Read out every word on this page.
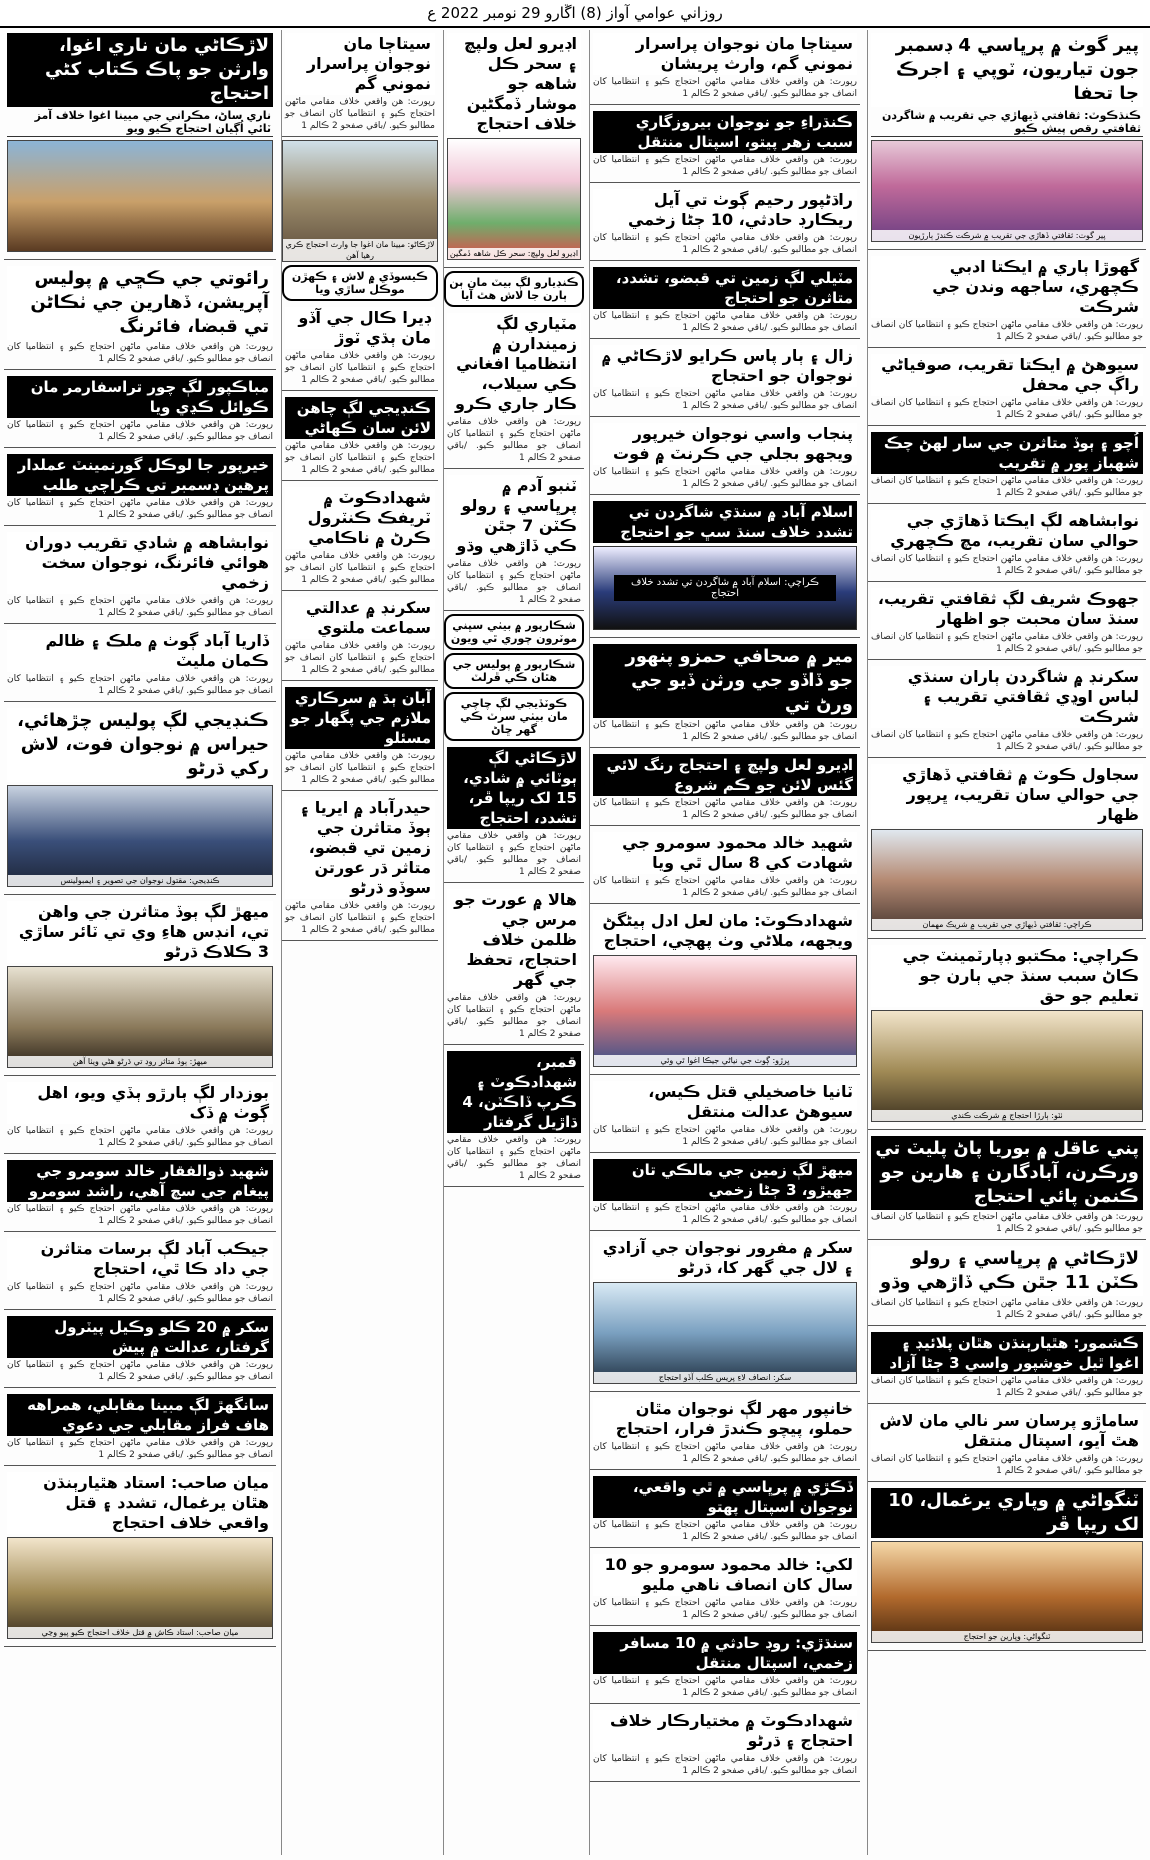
روزاني عوامي آواز (8) اڱارو 29 نومبر 2022 ع
پير گوٺ ۾ پرڀاسي 4 ڊسمبر جون تياريون، ٽوپي ۽ اجرڪ جا تحفا
ڪنڌڪوٽ: ثقافتي ڏيهاڙي جي تقريب ۾ شاگردن ثقافتي رقص پيش ڪيو
پير گوٺ: ثقافتي ڏهاڙي جي تقريب ۾ شرڪت ڪندڙ ٻارڙيون
گهوڙا ٻاري ۾ ايڪتا ادبي ڪچهري، ساجهه وندن جي شرڪت
رپورٽ: هن واقعي خلاف مقامي ماڻهن احتجاج ڪيو ۽ انتظاميا کان انصاف جو مطالبو ڪيو. /باقي صفحو 2 ڪالم 1
سيوهڻ ۾ ايڪتا تقريب، صوفياڻي راڳ جي محفل
رپورٽ: هن واقعي خلاف مقامي ماڻهن احتجاج ڪيو ۽ انتظاميا کان انصاف جو مطالبو ڪيو. /باقي صفحو 2 ڪالم 1
اُچو ۽ ٻوڏ متاثرن جي سار لهڻ چڪ شهباز پور ۾ تقريب
رپورٽ: هن واقعي خلاف مقامي ماڻهن احتجاج ڪيو ۽ انتظاميا کان انصاف جو مطالبو ڪيو. /باقي صفحو 2 ڪالم 1
نوابشاهه لڳ ايڪتا ڏهاڙي جي حوالي سان تقريب، مچ ڪچهري
رپورٽ: هن واقعي خلاف مقامي ماڻهن احتجاج ڪيو ۽ انتظاميا کان انصاف جو مطالبو ڪيو. /باقي صفحو 2 ڪالم 1
جهوڪ شريف لڳ ثقافتي تقريب، سنڌ سان محبت جو اظهار
رپورٽ: هن واقعي خلاف مقامي ماڻهن احتجاج ڪيو ۽ انتظاميا کان انصاف جو مطالبو ڪيو. /باقي صفحو 2 ڪالم 1
سکرنڊ ۾ شاگردن ٻاران سنڌي لباس اوڍي ثقافتي تقريب ۽ شرڪت
رپورٽ: هن واقعي خلاف مقامي ماڻهن احتجاج ڪيو ۽ انتظاميا کان انصاف جو مطالبو ڪيو. /باقي صفحو 2 ڪالم 1
سجاول ڪوٽ ۾ ثقافتي ڏهاڙي جي حوالي سان تقريب، ڀرپور ظهار
ڪراچي: ثقافتي ڏيهاڙي جي تقريب ۾ شريڪ مهمان
ڪراچي: مڪتبو ڊپارٽمينٽ جي ڪاڻ سبب سنڌ جي ٻارن جو تعليم جو حق
ٺٽو: ٻارڙا احتجاج ۾ شرڪت ڪندي
پني عاقل ۾ بوريا پاڻ پليٽ تي ورڪرن، آبادگارن ۽ هارين جو ڪنمن پائي احتجاج
رپورٽ: هن واقعي خلاف مقامي ماڻهن احتجاج ڪيو ۽ انتظاميا کان انصاف جو مطالبو ڪيو. /باقي صفحو 2 ڪالم 1
لاڙڪاڻي ۾ پرڀاسي ۽ رولو ڪٽن 11 جٿن ڪي ڏاڙهي وڌو
رپورٽ: هن واقعي خلاف مقامي ماڻهن احتجاج ڪيو ۽ انتظاميا کان انصاف جو مطالبو ڪيو. /باقي صفحو 2 ڪالم 1
ڪشمور: هٿيارٻنڌن هٿان پلائيڊ ۽ اغوا ٿيل خوشپور واسي 3 ڄڻا آزاد
رپورٽ: هن واقعي خلاف مقامي ماڻهن احتجاج ڪيو ۽ انتظاميا کان انصاف جو مطالبو ڪيو. /باقي صفحو 2 ڪالم 1
ساماڙو پرسان سر نالي مان لاش هٿ آيو، اسپتال منتقل
رپورٽ: هن واقعي خلاف مقامي ماڻهن احتجاج ڪيو ۽ انتظاميا کان انصاف جو مطالبو ڪيو. /باقي صفحو 2 ڪالم 1
ٽنگواڻي ۾ وپاري يرغمال، 10 لک ريپا ڦر
ٽنگواڻي: وپارين جو احتجاج
سيتاڄا مان نوجوان پراسرار نموني گم، وارث پريشان
رپورٽ: هن واقعي خلاف مقامي ماڻهن احتجاج ڪيو ۽ انتظاميا کان انصاف جو مطالبو ڪيو. /باقي صفحو 2 ڪالم 1
ڪنڌراءِ جو نوجوان بيروزگاري سبب زهر پيتو، اسپتال منتقل
رپورٽ: هن واقعي خلاف مقامي ماڻهن احتجاج ڪيو ۽ انتظاميا کان انصاف جو مطالبو ڪيو. /باقي صفحو 2 ڪالم 1
راڌڻپور رحيم ڳوٺ تي آيل ريڪارڊ حادثي، 10 ڄڻا زخمي
رپورٽ: هن واقعي خلاف مقامي ماڻهن احتجاج ڪيو ۽ انتظاميا کان انصاف جو مطالبو ڪيو. /باقي صفحو 2 ڪالم 1
مٽيلي لڳ زمين تي قبضو، تشدد، متاثرن جو احتجاج
رپورٽ: هن واقعي خلاف مقامي ماڻهن احتجاج ڪيو ۽ انتظاميا کان انصاف جو مطالبو ڪيو. /باقي صفحو 2 ڪالم 1
زال ۽ ٻار پاس ڪرايو لاڙڪاڻي ۾ نوجوان جو احتجاج
رپورٽ: هن واقعي خلاف مقامي ماڻهن احتجاج ڪيو ۽ انتظاميا کان انصاف جو مطالبو ڪيو. /باقي صفحو 2 ڪالم 1
پنجاب واسي نوجوان خيرپور ويجهو بجلي جي ڪرنٽ ۾ فوت
رپورٽ: هن واقعي خلاف مقامي ماڻهن احتجاج ڪيو ۽ انتظاميا کان انصاف جو مطالبو ڪيو. /باقي صفحو 2 ڪالم 1
اسلام آباد ۾ سنڌي شاگردن تي تشدد خلاف سنڌ سڀ جو احتجاج
ڪراچي: اسلام آباد ۾ شاگردن تي تشدد خلاف احتجاج
مير ۾ صحافي حمزو پنهور جو ڏاڏو جي ورثن ڏيو جي ورڻ تي
رپورٽ: هن واقعي خلاف مقامي ماڻهن احتجاج ڪيو ۽ انتظاميا کان انصاف جو مطالبو ڪيو. /باقي صفحو 2 ڪالم 1
اڊيرو لعل ولپچ ۽ احتجاج رنگ لائي گئس لائن جو ڪم شروع
رپورٽ: هن واقعي خلاف مقامي ماڻهن احتجاج ڪيو ۽ انتظاميا کان انصاف جو مطالبو ڪيو. /باقي صفحو 2 ڪالم 1
شهيد خالد محمود سومرو جي شهادت کي 8 سال ٿي ويا
رپورٽ: هن واقعي خلاف مقامي ماڻهن احتجاج ڪيو ۽ انتظاميا کان انصاف جو مطالبو ڪيو. /باقي صفحو 2 ڪالم 1
شهدادڪوٽ: مان لعل ادل ٻيڻگڻ ويجهه، ملاڻي وٺ پهچي، احتجاج
ڀرڙو: ڳوٺ جي نياڻي جيڪا اغوا ٿي وئي
ٽانيا خاصخيلي قتل ڪيس، سيوهڻ عدالت منتقل
رپورٽ: هن واقعي خلاف مقامي ماڻهن احتجاج ڪيو ۽ انتظاميا کان انصاف جو مطالبو ڪيو. /باقي صفحو 2 ڪالم 1
ميهڙ لڳ زمين جي مالڪي تان جهيڙو، 3 ڄڻا زخمي
رپورٽ: هن واقعي خلاف مقامي ماڻهن احتجاج ڪيو ۽ انتظاميا کان انصاف جو مطالبو ڪيو. /باقي صفحو 2 ڪالم 1
سکر ۾ مفرور نوجوان جي آزادي ۽ لال جي گهر کا، ڌرڻو
سکر: انصاف لاءِ پريس ڪلب آڏو احتجاج
خانپور مهر لڳ نوجوان مٿان حملو، پيچو ڪندڙ فرار، احتجاج
رپورٽ: هن واقعي خلاف مقامي ماڻهن احتجاج ڪيو ۽ انتظاميا کان انصاف جو مطالبو ڪيو. /باقي صفحو 2 ڪالم 1
ڏڪڙي ۾ پرڀاسي ۾ ٿي واقعي، نوجوان اسپتال پهتو
رپورٽ: هن واقعي خلاف مقامي ماڻهن احتجاج ڪيو ۽ انتظاميا کان انصاف جو مطالبو ڪيو. /باقي صفحو 2 ڪالم 1
لکي: خالد محمود سومرو جو 10 سال کان انصاف ناهي مليو
رپورٽ: هن واقعي خلاف مقامي ماڻهن احتجاج ڪيو ۽ انتظاميا کان انصاف جو مطالبو ڪيو. /باقي صفحو 2 ڪالم 1
سنڌڙي: روڊ حادثي ۾ 10 مسافر زخمي، اسپتال منتقل
رپورٽ: هن واقعي خلاف مقامي ماڻهن احتجاج ڪيو ۽ انتظاميا کان انصاف جو مطالبو ڪيو. /باقي صفحو 2 ڪالم 1
شهدادڪوٽ ۾ مختيارڪار خلاف احتجاج ۽ ڌرڻو
رپورٽ: هن واقعي خلاف مقامي ماڻهن احتجاج ڪيو ۽ انتظاميا کان انصاف جو مطالبو ڪيو. /باقي صفحو 2 ڪالم 1
اڊيرو لعل ولپچ ۽ سحر ڪل شاهه جو موشار ڏمگڻين خلاف احتجاج
اڊيرو لعل ولپچ: سحر ڪل شاهه ڏمگين
ڪنڊيارو لڳ بيٽ مان ٻن ٻارن جا لاش هٿ آيا
مٽياري لڳ زميندارن ۾ انتظاميا افغاني ڪي سيلاب، ڪار جاري ڪرو
رپورٽ: هن واقعي خلاف مقامي ماڻهن احتجاج ڪيو ۽ انتظاميا کان انصاف جو مطالبو ڪيو. /باقي صفحو 2 ڪالم 1
ٽنبو آدم ۾ پرڀاسي ۽ رولو ڪٽن 7 جٿن ڪي ڏاڙهي وڌو
رپورٽ: هن واقعي خلاف مقامي ماڻهن احتجاج ڪيو ۽ انتظاميا کان انصاف جو مطالبو ڪيو. /باقي صفحو 2 ڪالم 1
شڪارپور ۾ بيٺي سڀني موٽرون چوري ٿي ويون
شڪارپور ۾ پوليس جي هٿان ڪي ڦرلٽ
ڪوٽڏيجي لڳ چاچي مان بيٺي سرٽ ڪي گهر ڇاڻ
لاڙڪاڻي لڳ ٻوٽائي ۾ شادي، 15 لک ريپا ڦر، تشدد، احتجاج
رپورٽ: هن واقعي خلاف مقامي ماڻهن احتجاج ڪيو ۽ انتظاميا کان انصاف جو مطالبو ڪيو. /باقي صفحو 2 ڪالم 1
هالا ۾ عورت جو مرس جي ظلمن خلاف احتجاج، تحفظ جي گهر
رپورٽ: هن واقعي خلاف مقامي ماڻهن احتجاج ڪيو ۽ انتظاميا کان انصاف جو مطالبو ڪيو. /باقي صفحو 2 ڪالم 1
قمبر، شهدادڪوٽ ۽ ڪرپ ڏاڪٽن، 4 ڌاڙيل گرفتار
رپورٽ: هن واقعي خلاف مقامي ماڻهن احتجاج ڪيو ۽ انتظاميا کان انصاف جو مطالبو ڪيو. /باقي صفحو 2 ڪالم 1
سيتاڄا مان نوجوان پراسرار نموني گم
رپورٽ: هن واقعي خلاف مقامي ماڻهن احتجاج ڪيو ۽ انتظاميا کان انصاف جو مطالبو ڪيو. /باقي صفحو 2 ڪالم 1
لاڙڪاڻو: ميينا مان اغوا جا وارث احتجاج ڪري رهيا آهن
ڪيسوڏي ۾ لاش ۽ ڪهڙن موڪل ساڙي ويا
ڊيرا ڪال جي آڏو مان ٻڌي ٽوڙ
رپورٽ: هن واقعي خلاف مقامي ماڻهن احتجاج ڪيو ۽ انتظاميا کان انصاف جو مطالبو ڪيو. /باقي صفحو 2 ڪالم 1
ڪنڊيجي لڳ چاهن لائن سان ڪهاڻي
رپورٽ: هن واقعي خلاف مقامي ماڻهن احتجاج ڪيو ۽ انتظاميا کان انصاف جو مطالبو ڪيو. /باقي صفحو 2 ڪالم 1
شهدادڪوٽ ۾ ٽريفڪ ڪنٽرول ڪرڻ ۾ ناڪامي
رپورٽ: هن واقعي خلاف مقامي ماڻهن احتجاج ڪيو ۽ انتظاميا کان انصاف جو مطالبو ڪيو. /باقي صفحو 2 ڪالم 1
سکرنڊ ۾ عدالتي سماعت ملتوي
رپورٽ: هن واقعي خلاف مقامي ماڻهن احتجاج ڪيو ۽ انتظاميا کان انصاف جو مطالبو ڪيو. /باقي صفحو 2 ڪالم 1
آبان ٻڌ ۾ سرڪاري ملازم جي پگهار جو مسئلو
رپورٽ: هن واقعي خلاف مقامي ماڻهن احتجاج ڪيو ۽ انتظاميا کان انصاف جو مطالبو ڪيو. /باقي صفحو 2 ڪالم 1
حيدرآباد ۾ ايريا ۽ ٻوڏ متاثرن جي زمين تي قبضو، متاثر ڌر عورتن سوڏو ڌرڻو
رپورٽ: هن واقعي خلاف مقامي ماڻهن احتجاج ڪيو ۽ انتظاميا کان انصاف جو مطالبو ڪيو. /باقي صفحو 2 ڪالم 1
لاڙڪاڻي مان ناري اغوا، وارثن جو پاڪ ڪتاب کڻي احتجاج
ناري ساڻ، مڪراني جي ميينا اغوا خلاف آمز ٽائي اُڳيان احتجاج ڪيو ويو
رائوتي جي ڪڇي ۾ پوليس آپريشن، ڏهارين جي ٺڪاڻن تي قبضا، فائرنگ
رپورٽ: هن واقعي خلاف مقامي ماڻهن احتجاج ڪيو ۽ انتظاميا کان انصاف جو مطالبو ڪيو. /باقي صفحو 2 ڪالم 1
مباڪپور لڳ چور تراسفارمر مان ڪوائل ڪڍي ويا
رپورٽ: هن واقعي خلاف مقامي ماڻهن احتجاج ڪيو ۽ انتظاميا کان انصاف جو مطالبو ڪيو. /باقي صفحو 2 ڪالم 1
خيرپور جا لوڪل گورنمينٽ عملدار پرهين ڊسمبر تي ڪراچي طلب
رپورٽ: هن واقعي خلاف مقامي ماڻهن احتجاج ڪيو ۽ انتظاميا کان انصاف جو مطالبو ڪيو. /باقي صفحو 2 ڪالم 1
نوابشاهه ۾ شادي تقريب دوران هوائي فائرنگ، نوجوان سخت زخمي
رپورٽ: هن واقعي خلاف مقامي ماڻهن احتجاج ڪيو ۽ انتظاميا کان انصاف جو مطالبو ڪيو. /باقي صفحو 2 ڪالم 1
ڏاريا آباد ڳوٺ ۾ ملڪ ۽ ظالم ڪمان مليٽ
رپورٽ: هن واقعي خلاف مقامي ماڻهن احتجاج ڪيو ۽ انتظاميا کان انصاف جو مطالبو ڪيو. /باقي صفحو 2 ڪالم 1
ڪنڊيجي لڳ پوليس چڙهائي، حيراس ۾ نوجوان فوت، لاش رکي ڌرڻو
ڪنڊيجي: مقتول نوجوان جي تصوير ۽ ايمبولينس
ميهڙ لڳ ٻوڏ متاثرن جي واهن تي، انڊس هاءِ وي تي ٽائر ساڙي 3 ڪلاڪ ڌرڻو
ميهڙ: ٻوڏ متاثر روڊ تي ڌرڻو هڻي ويٺا آهن
بوزدار لڳ ٻارڙو ٻڏي ويو، اهل ڳوٺ ۾ ڏک
رپورٽ: هن واقعي خلاف مقامي ماڻهن احتجاج ڪيو ۽ انتظاميا کان انصاف جو مطالبو ڪيو. /باقي صفحو 2 ڪالم 1
شهيد ذوالفقار خالد سومرو جي پيغام جي سچ آهي، راشد سومرو
رپورٽ: هن واقعي خلاف مقامي ماڻهن احتجاج ڪيو ۽ انتظاميا کان انصاف جو مطالبو ڪيو. /باقي صفحو 2 ڪالم 1
جيڪب آباد لڳ برسات متاثرن جي داد ڪا ٿي، احتجاج
رپورٽ: هن واقعي خلاف مقامي ماڻهن احتجاج ڪيو ۽ انتظاميا کان انصاف جو مطالبو ڪيو. /باقي صفحو 2 ڪالم 1
سکر ۾ 20 ڪلو وڪيل پيٽرول گرفتار، عدالت ۾ پيش
رپورٽ: هن واقعي خلاف مقامي ماڻهن احتجاج ڪيو ۽ انتظاميا کان انصاف جو مطالبو ڪيو. /باقي صفحو 2 ڪالم 1
سانگهڙ لڳ مبينا مقابلي، همراهه هاف فراز مقابلي جي دعوي
رپورٽ: هن واقعي خلاف مقامي ماڻهن احتجاج ڪيو ۽ انتظاميا کان انصاف جو مطالبو ڪيو. /باقي صفحو 2 ڪالم 1
ميان صاحب: استاد هٿيارٻنڌن هٿان يرغمال، تشدد ۽ قتل واقعي خلاف احتجاج
ميان صاحب: استاد ڪاش ۾ قتل خلاف احتجاج ڪيو پيو وڃي
